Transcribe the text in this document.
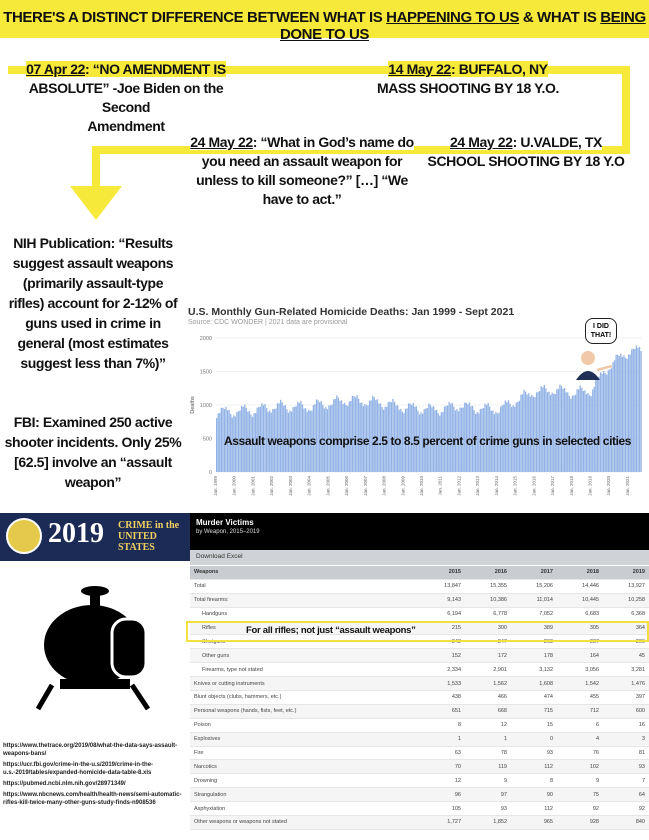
THERE'S A DISTINCT DIFFERENCE BETWEEN WHAT IS HAPPENING TO US & WHAT IS BEING DONE TO US
07 Apr 22: “NO AMENDMENT IS
ABSOLUTE” -Joe Biden on the Second
Amendment
14 May 22: BUFFALO, NY
MASS SHOOTING BY 18 Y.O.
24 May 22: “What in God’s name do
you need an assault weapon for
unless to kill someone?” […] “We
have to act.”
24 May 22: U.VALDE, TX
SCHOOL SHOOTING BY 18 Y.O
NIH Publication: “Results
suggest assault weapons
(primarily assault-type
rifles) account for 2-12% of
guns used in crime in
general (most estimates
suggest less than 7%)”
FBI: Examined 250 active
shooter incidents. Only 25%
[62.5] involve an “assault
weapon”
0
500
1000
1500
2000
Deaths
Jan. 1999	Jan. 2000	Jan. 2001	Jan. 2002	Jan. 2003	Jan. 2004	Jan. 2005	Jan. 2006	Jan. 2007	Jan. 2008	Jan. 2009	Jan. 2010	Jan. 2011	Jan. 2012	Jan. 2013	Jan. 2014	Jan. 2015	Jan. 2016	Jan. 2017	Jan. 2018	Jan. 2019	Jan. 2020	Jan. 2021
U.S. Monthly Gun-Related Homicide Deaths: Jan 1999 - Sept 2021
Source: CDC WONDER | 2021 data are provisional
I DID THAT!
Assault weapons comprise 2.5 to 8.5 percent of crime guns in selected cities
2019 CRIME in the
UNITED STATES
Murder Victims
by Weapon, 2015–2019
Download Excel
Weapons	2015	2016	2017	2018	2019
Total	13,847	15,355	15,206	14,446	13,927
Total firearms:	9,143	10,386	11,014	10,445	10,258
Handguns	6,194	6,778	7,052	6,683	6,368
Rifles	215	300	389	305	364
Shotguns	248	247	263	237	200
Other guns	152	172	178	164	45
Firearms, type not stated	2,334	2,901	3,132	3,056	3,281
Knives or cutting instruments	1,533	1,562	1,608	1,542	1,476
Blunt objects (clubs, hammers, etc.)	438	466	474	455	397
Personal weapons (hands, fists, feet, etc.)	651	668	715	712	600
Poison	8	12	15	6	16
Explosives	1	1	0	4	3
Fire	63	78	93	76	81
Narcotics	70	119	112	102	93
Drowning	12	9	8	9	7
Strangulation	96	97	90	75	64
Asphyxiation	105	93	112	92	92
Other weapons or weapons not stated	1,727	1,852	965	928	840
For all rifles; not just “assault weapons”
https://www.thetrace.org/2019/08/what-the-data-says-assault-weapons-bans/
https://ucr.fbi.gov/crime-in-the-u.s/2019/crime-in-the-u.s.-2019/tables/expanded-homicide-data-table-8.xls
https://pubmed.ncbi.nlm.nih.gov/28971349/
https://www.nbcnews.com/health/health-news/semi-automatic-rifles-kill-twice-many-other-guns-study-finds-n908536
